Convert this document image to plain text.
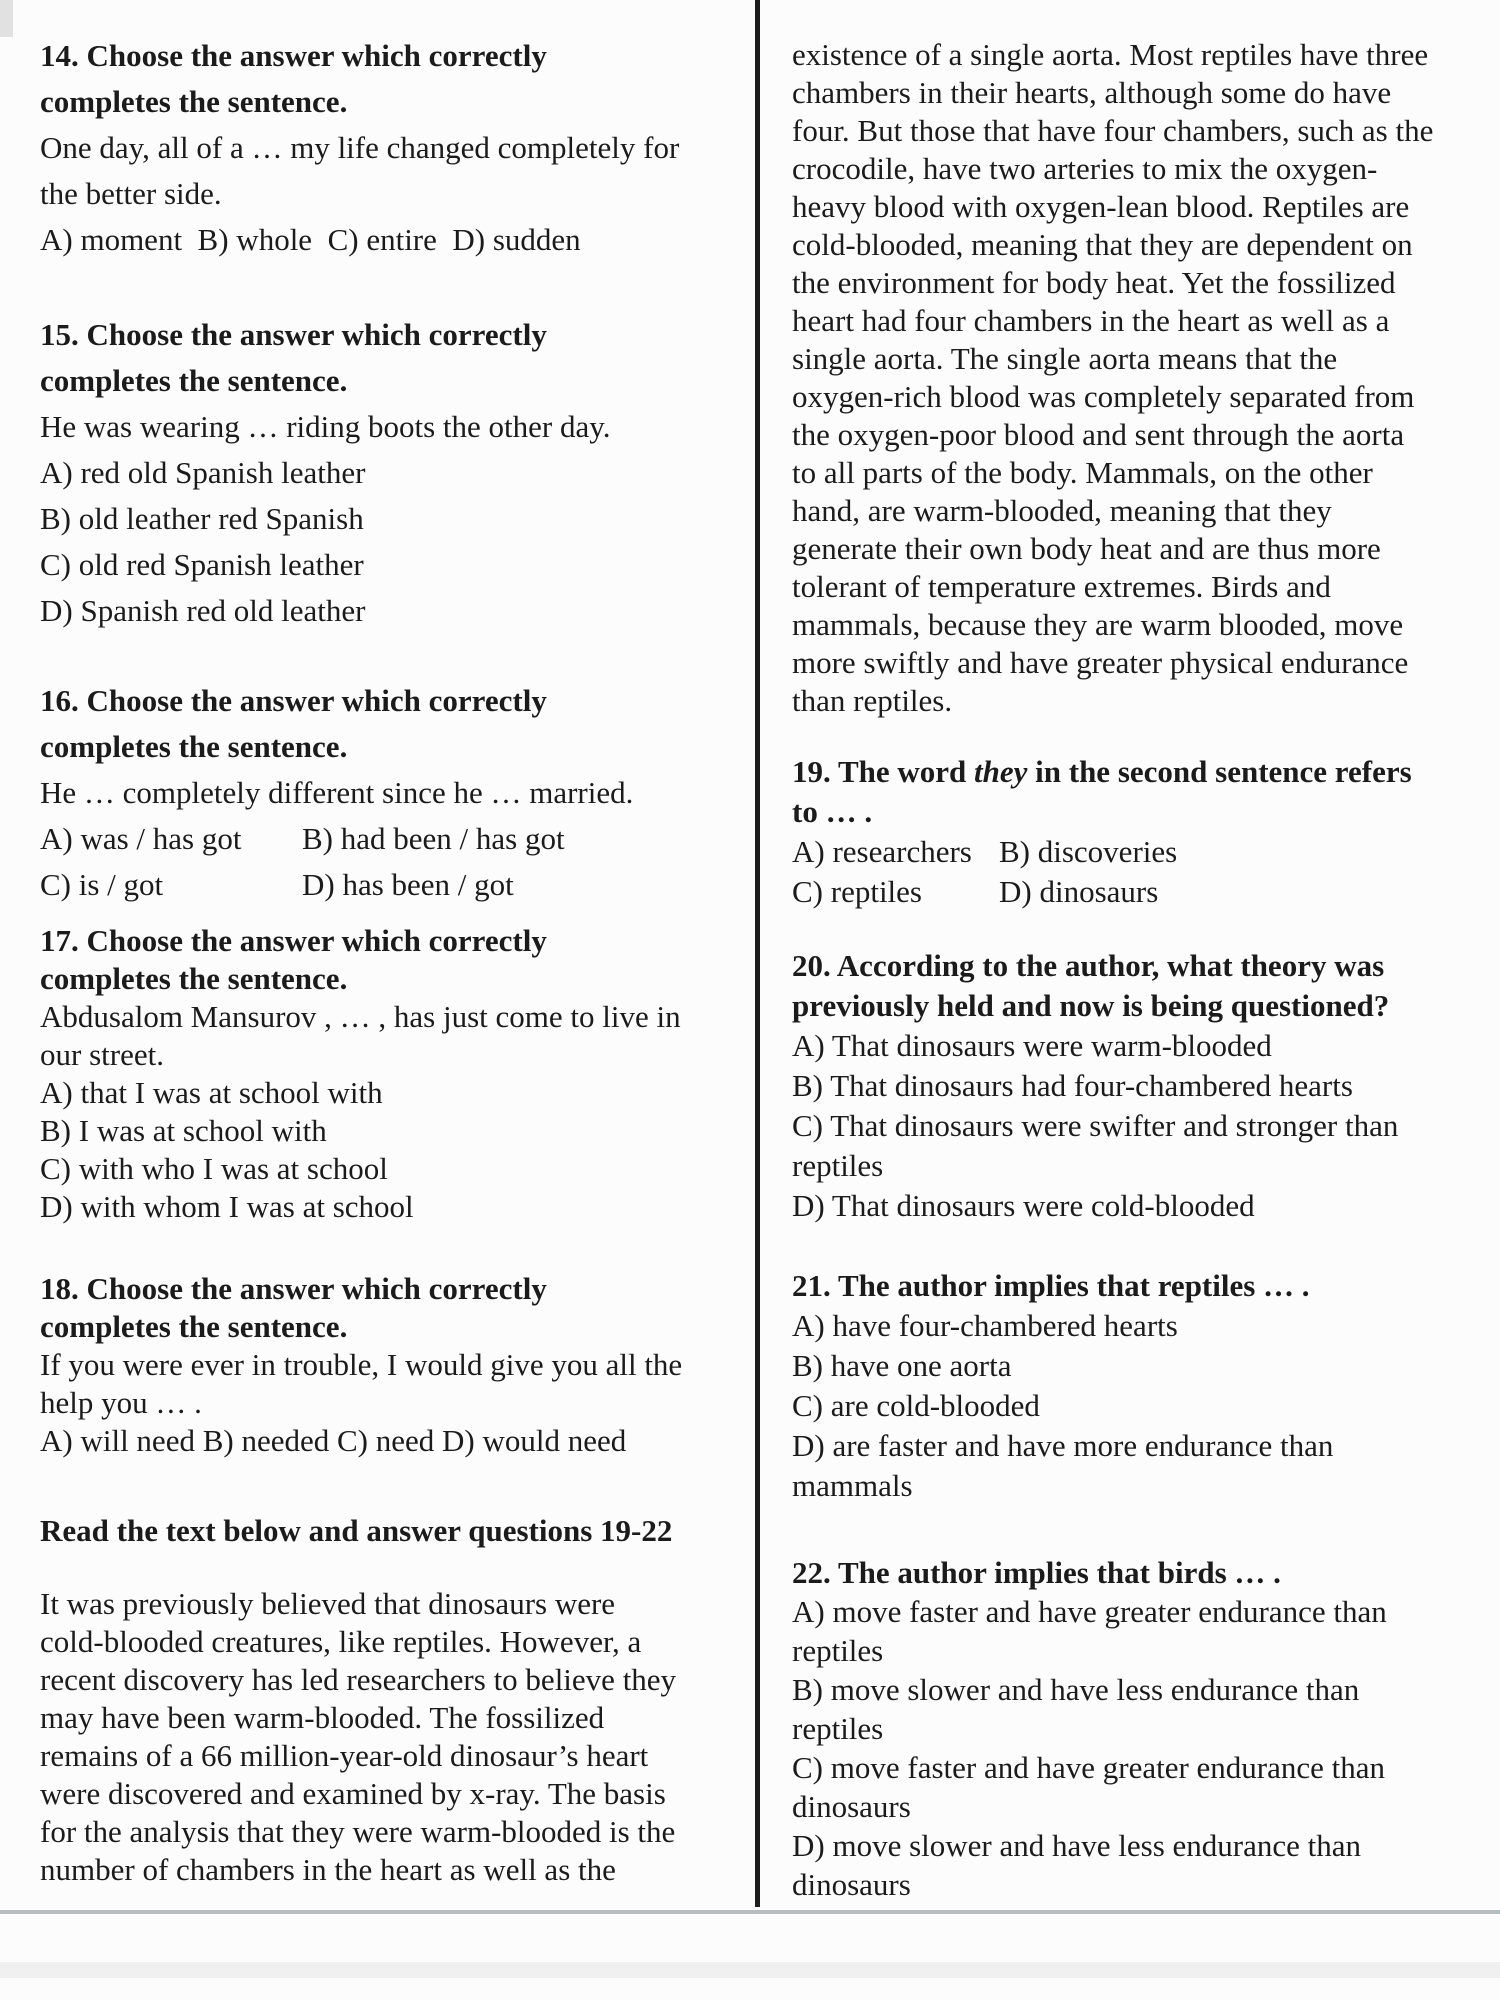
14. Choose the answer which correctly
completes the sentence.
One day, all of a … my life changed completely for
the better side.
A) moment  B) whole  C) entire  D) sudden
15. Choose the answer which correctly
completes the sentence.
He was wearing … riding boots the other day.
A) red old Spanish leather
B) old leather red Spanish
C) old red Spanish leather
D) Spanish red old leather
16. Choose the answer which correctly
completes the sentence.
He … completely different since he … married.
A) was / has got	B) had been / has got
C) is / got	D) has been / got
17. Choose the answer which correctly
completes the sentence.
Abdusalom Mansurov , … , has just come to live in
our street.
A) that I was at school with
B) I was at school with
C) with who I was at school
D) with whom I was at school
18. Choose the answer which correctly
completes the sentence.
If you were ever in trouble, I would give you all the
help you … .
A) will need B) needed C) need D) would need
Read the text below and answer questions 19-22
It was previously believed that dinosaurs were
cold-blooded creatures, like reptiles. However, a
recent discovery has led researchers to believe they
may have been warm-blooded. The fossilized
remains of a 66 million-year-old dinosaur’s heart
were discovered and examined by x-ray. The basis
for the analysis that they were warm-blooded is the
number of chambers in the heart as well as the
existence of a single aorta. Most reptiles have three
chambers in their hearts, although some do have
four. But those that have four chambers, such as the
crocodile, have two arteries to mix the oxygen-
heavy blood with oxygen-lean blood. Reptiles are
cold-blooded, meaning that they are dependent on
the environment for body heat. Yet the fossilized
heart had four chambers in the heart as well as a
single aorta. The single aorta means that the
oxygen-rich blood was completely separated from
the oxygen-poor blood and sent through the aorta
to all parts of the body. Mammals, on the other
hand, are warm-blooded, meaning that they
generate their own body heat and are thus more
tolerant of temperature extremes. Birds and
mammals, because they are warm blooded, move
more swiftly and have greater physical endurance
than reptiles.
19. The word they in the second sentence refers
to … .
A) researchers B) discoveries
C) reptiles	D) dinosaurs
20. According to the author, what theory was
previously held and now is being questioned?
A) That dinosaurs were warm-blooded
B) That dinosaurs had four-chambered hearts
C) That dinosaurs were swifter and stronger than
reptiles
D) That dinosaurs were cold-blooded
21. The author implies that reptiles … .
A) have four-chambered hearts
B) have one aorta
C) are cold-blooded
D) are faster and have more endurance than
mammals
22. The author implies that birds … .
A) move faster and have greater endurance than
reptiles
B) move slower and have less endurance than
reptiles
C) move faster and have greater endurance than
dinosaurs
D) move slower and have less endurance than
dinosaurs
